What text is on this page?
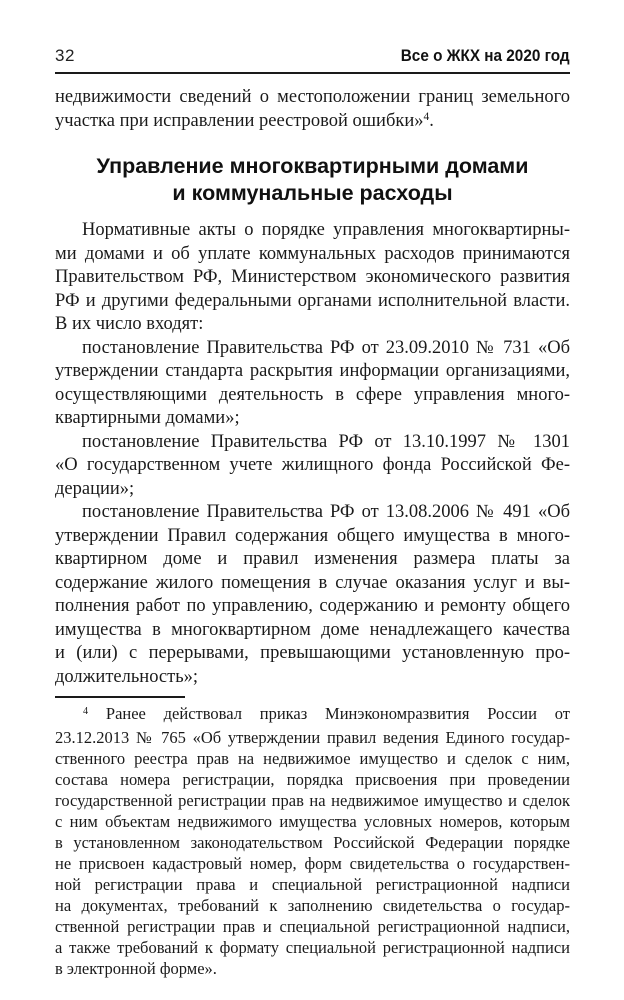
32	Все о ЖКХ на 2020 год
недвижимости сведений о местоположении границ земельного
участка при исправлении реестровой ошибки»$^4$.
Управление многоквартирными домами
и коммунальные расходы
Нормативные акты о порядке управления многоквартирны-
ми домами и об уплате коммунальных расходов принимаются
Правительством РФ, Министерством экономического развития
РФ и другими федеральными органами исполнительной власти.
В их число входят:
постановление Правительства РФ от 23.09.2010 № 731 «Об
утверждении стандарта раскрытия информации организациями,
осуществляющими деятельность в сфере управления много-
квартирными домами»;
постановление Правительства РФ от 13.10.1997 № 1301
«О государственном учете жилищного фонда Российской Фе-
дерации»;
постановление Правительства РФ от 13.08.2006 № 491 «Об
утверждении Правил содержания общего имущества в много-
квартирном доме и правил изменения размера платы за
содержание жилого помещения в случае оказания услуг и вы-
полнения работ по управлению, содержанию и ремонту общего
имущества в многоквартирном доме ненадлежащего качества
и (или) с перерывами, превышающими установленную про-
должительность»;
$^4$ Ранее действовал приказ Минэкономразвития России от
23.12.2013 № 765 «Об утверждении правил ведения Единого государ-
ственного реестра прав на недвижимое имущество и сделок с ним,
состава номера регистрации, порядка присвоения при проведении
государственной регистрации прав на недвижимое имущество и сделок
с ним объектам недвижимого имущества условных номеров, которым
в установленном законодательством Российской Федерации порядке
не присвоен кадастровый номер, форм свидетельства о государствен-
ной регистрации права и специальной регистрационной надписи
на документах, требований к заполнению свидетельства о государ-
ственной регистрации прав и специальной регистрационной надписи,
а также требований к формату специальной регистрационной надписи
в электронной форме».
